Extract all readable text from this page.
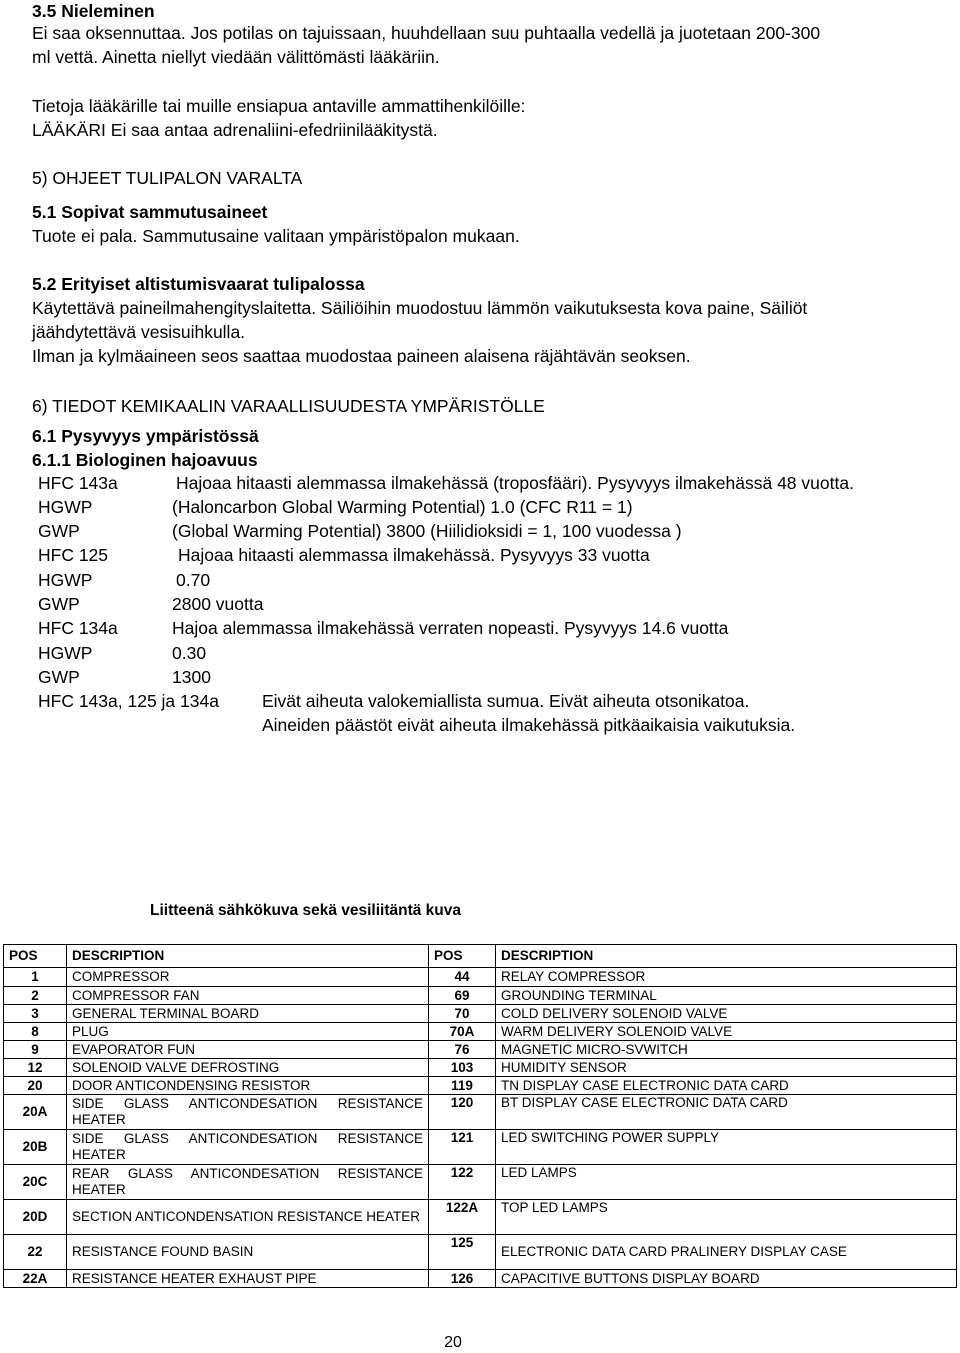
3.5 Nieleminen
Ei saa oksennuttaa. Jos potilas on tajuissaan, huuhdellaan suu puhtaalla vedellä ja juotetaan 200-300
ml vettä. Ainetta niellyt viedään välittömästi lääkäriin.
Tietoja lääkärille tai muille ensiapua antaville ammattihenkilöille:
LÄÄKÄRI Ei saa antaa adrenaliini-efedriinilääkitystä.
5) OHJEET TULIPALON VARALTA
5.1 Sopivat sammutusaineet
Tuote ei pala. Sammutusaine valitaan ympäristöpalon mukaan.
5.2 Erityiset altistumisvaarat tulipalossa
Käytettävä paineilmahengityslaitetta. Säiliöihin muodostuu lämmön vaikutuksesta kova paine, Säiliöt
jäähdytettävä vesisuihkulla.
Ilman ja kylmäaineen seos saattaa muodostaa paineen alaisena räjähtävän seoksen.
6) TIEDOT KEMIKAALIN VARAALLISUUDESTA YMPÄRISTÖLLE
6.1 Pysyvyys ympäristössä
6.1.1 Biologinen hajoavuus
HFC 143a	Hajoaa hitaasti alemmassa ilmakehässä (troposfääri). Pysyvyys ilmakehässä 48 vuotta.
HGWP	(Haloncarbon Global Warming Potential) 1.0 (CFC R11 = 1)
GWP	(Global Warming Potential) 3800 (Hiilidioksidi = 1, 100 vuodessa )
HFC 125	Hajoaa hitaasti alemmassa ilmakehässä. Pysyvyys 33 vuotta
HGWP	0.70
GWP	2800 vuotta
HFC 134a	Hajoa alemmassa ilmakehässä verraten nopeasti. Pysyvyys 14.6 vuotta
HGWP	0.30
GWP	1300
HFC 143a, 125 ja 134a Eivät aiheuta valokemiallista sumua. Eivät aiheuta otsonikatoa.
Aineiden päästöt eivät aiheuta ilmakehässä pitkäaikaisia vaikutuksia.
Liitteenä sähkökuva sekä vesiliitäntä kuva
POS	DESCRIPTION	POS	DESCRIPTION
1	COMPRESSOR	44	RELAY COMPRESSOR
2	COMPRESSOR FAN	69	GROUNDING TERMINAL
3	GENERAL TERMINAL BOARD	70	COLD DELIVERY SOLENOID VALVE
8	PLUG	70A	WARM DELIVERY SOLENOID VALVE
9	EVAPORATOR FUN	76	MAGNETIC MICRO-SVWITCH
12	SOLENOID VALVE DEFROSTING	103	HUMIDITY SENSOR
20	DOOR ANTICONDENSING RESISTOR	119	TN DISPLAY CASE ELECTRONIC DATA CARD
20A	SIDE GLASS ANTICONDESATION RESISTANCE HEATER	120	BT DISPLAY CASE ELECTRONIC DATA CARD
20B	SIDE GLASS ANTICONDESATION RESISTANCE HEATER	121	LED SWITCHING POWER SUPPLY
20C	REAR GLASS ANTICONDESATION RESISTANCE HEATER	122	LED LAMPS
20D	SECTION ANTICONDENSATION RESISTANCE HEATER	122A	TOP LED LAMPS
22	RESISTANCE FOUND BASIN	125	ELECTRONIC DATA CARD PRALINERY DISPLAY CASE
22A	RESISTANCE HEATER EXHAUST PIPE	126	CAPACITIVE BUTTONS DISPLAY BOARD
20
